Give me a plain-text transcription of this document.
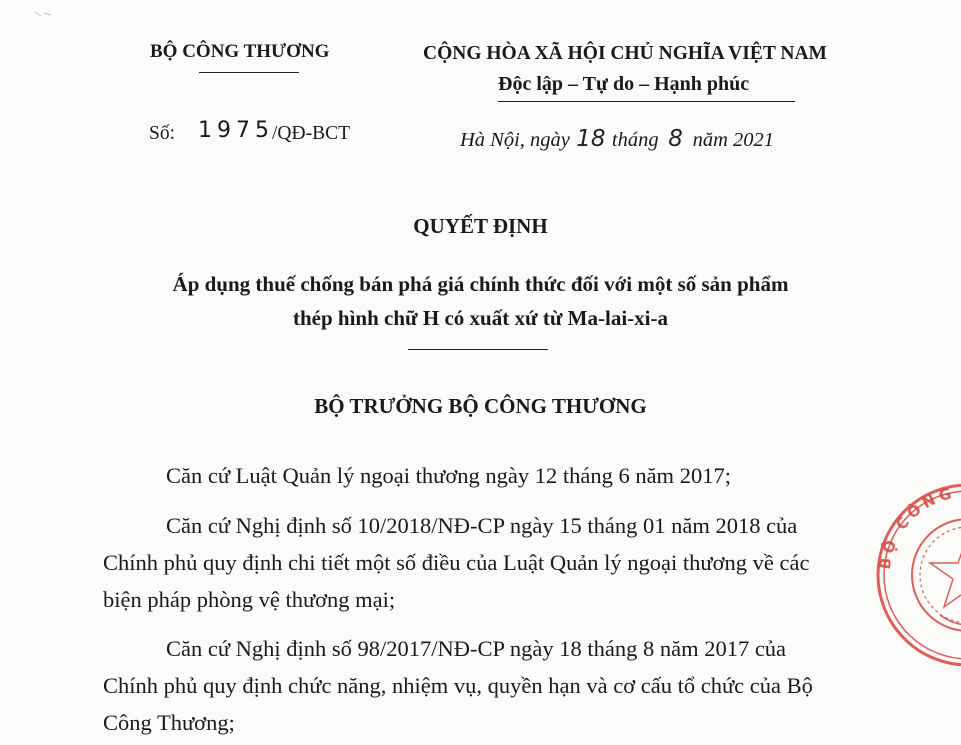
BỘ CÔNG THƯƠNG	CỘNG HÒA XÃ HỘI CHỦ NGHĨA VIỆT NAM
Độc lập – Tự do – Hạnh phúc
Số: 1975
/QĐ-BCT	Hà Nội, ngày 18 tháng 8 năm 2021
QUYẾT ĐỊNH
Áp dụng thuế chống bán phá giá chính thức đối với một số sản phẩm
thép hình chữ H có xuất xứ từ Ma-lai-xi-a
BỘ TRƯỞNG BỘ CÔNG THƯƠNG
Căn cứ Luật Quản lý ngoại thương ngày 12 tháng 6 năm 2017;
Căn cứ Nghị định số 10/2018/NĐ-CP ngày 15 tháng 01 năm 2018 của
Chính phủ quy định chi tiết một số điều của Luật Quản lý ngoại thương về các
biện pháp phòng vệ thương mại;
Căn cứ Nghị định số 98/2017/NĐ-CP ngày 18 tháng 8 năm 2017 của
Chính phủ quy định chức năng, nhiệm vụ, quyền hạn và cơ cấu tổ chức của Bộ
Công Thương;
BỘ CÔNG
